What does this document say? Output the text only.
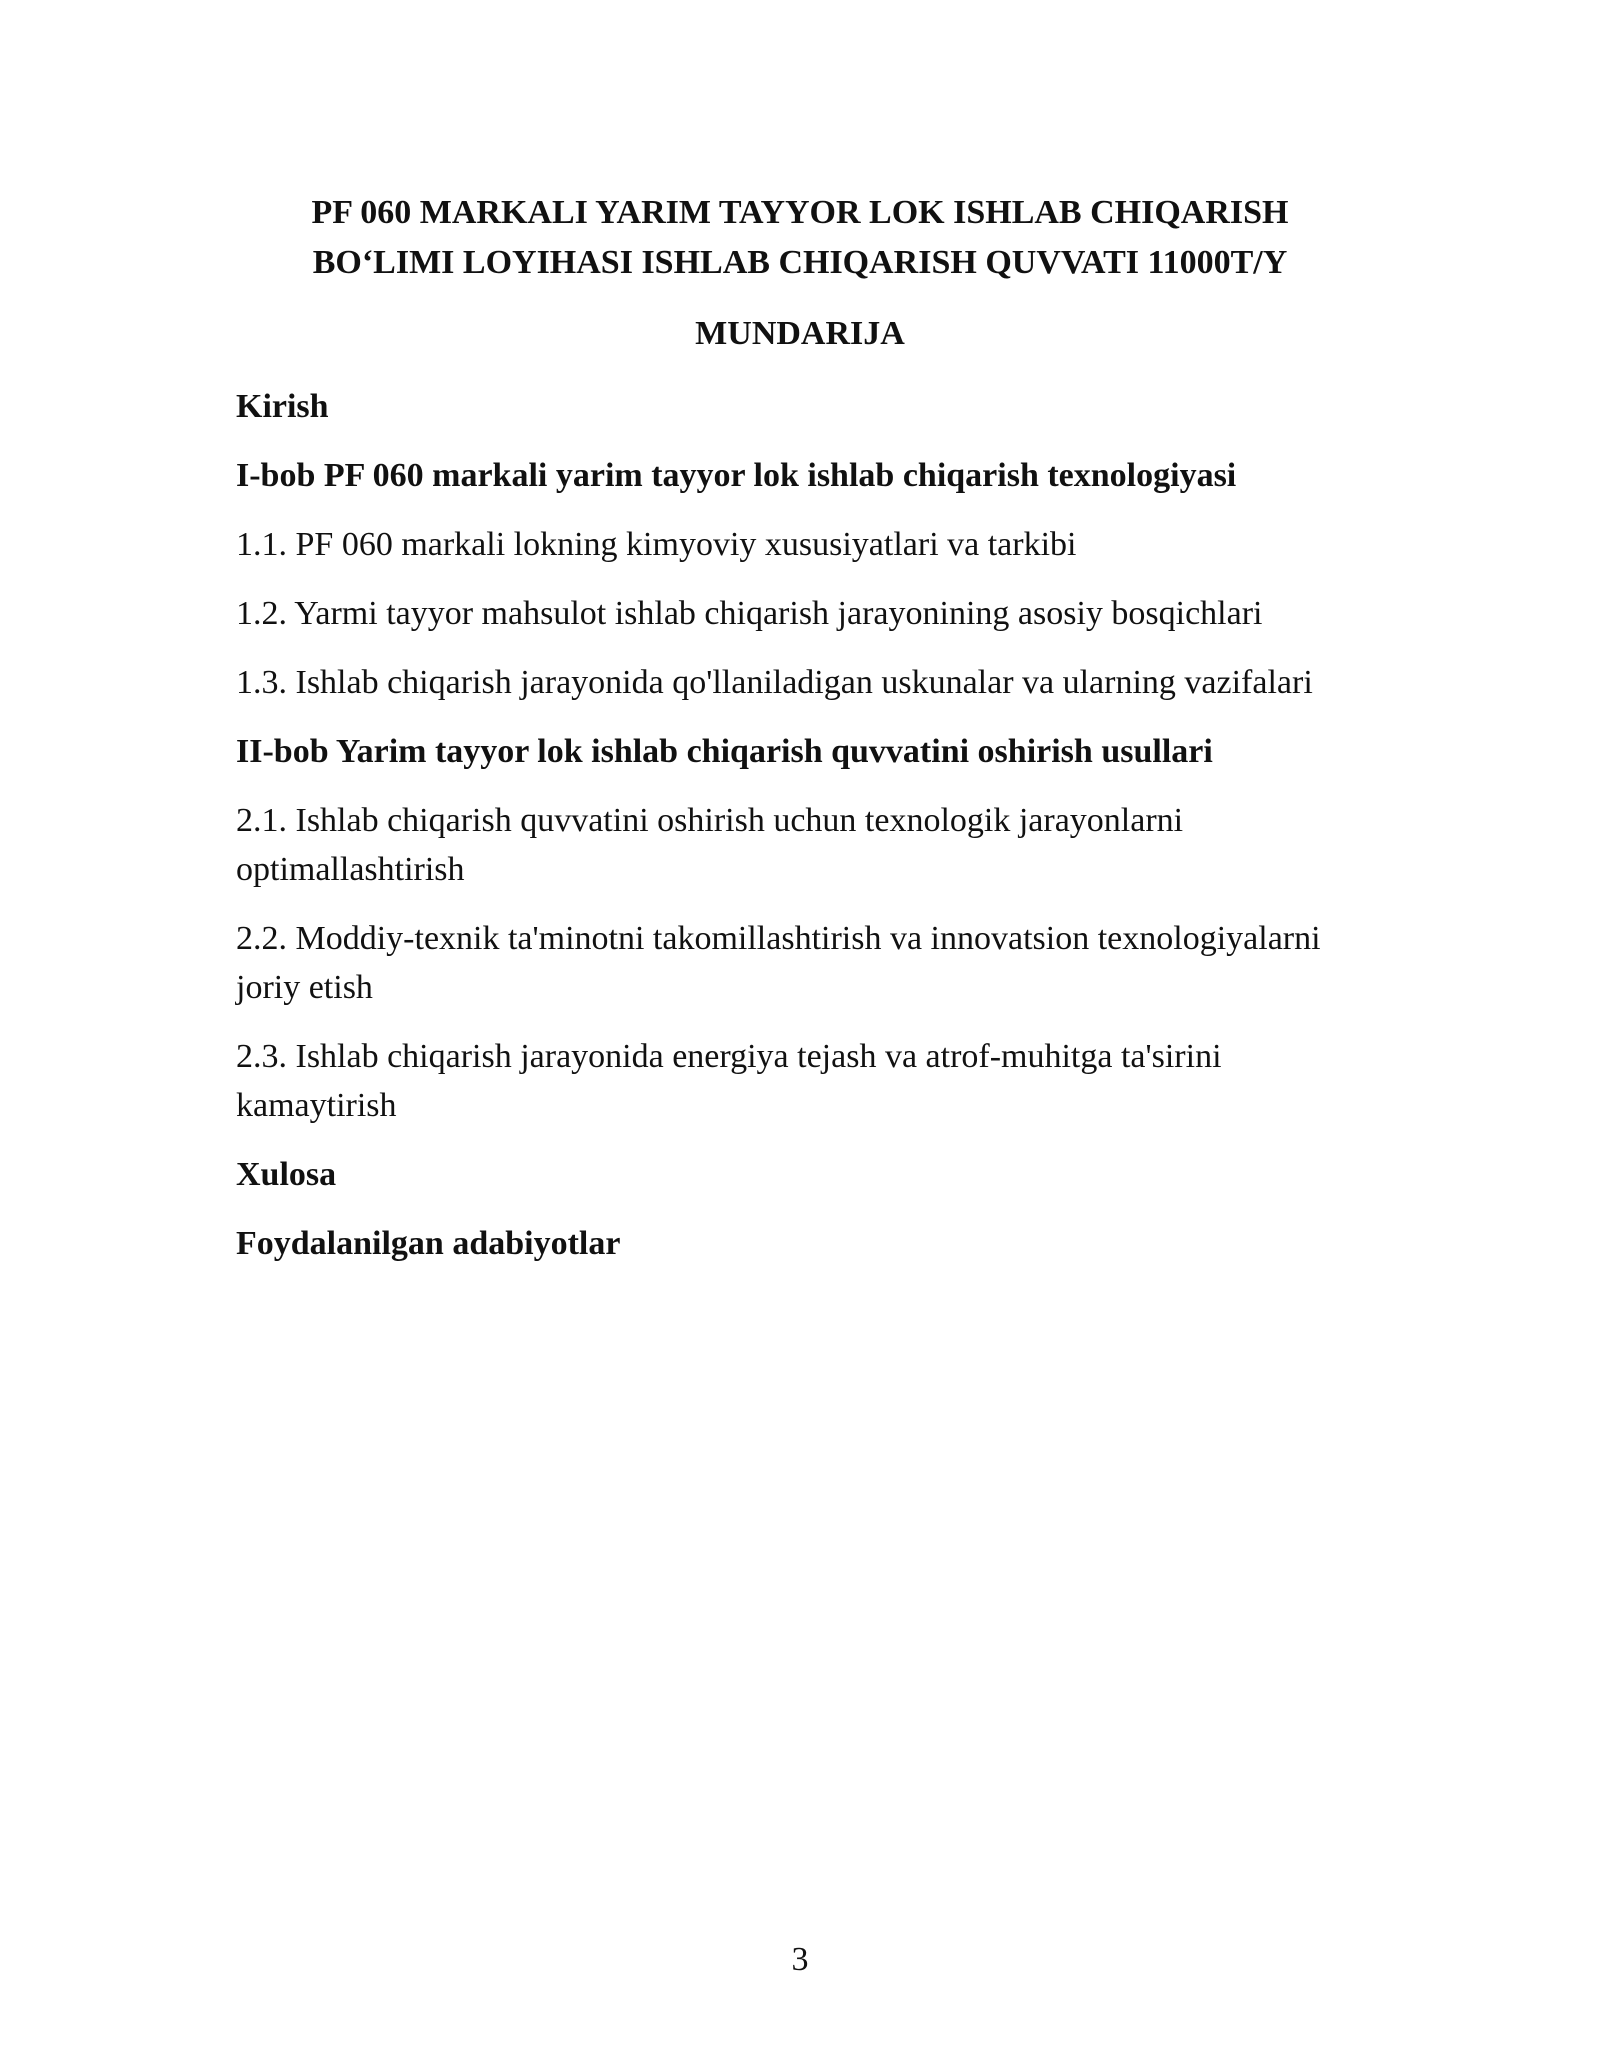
PF 060 MARKALI YARIM TAYYOR LOK ISHLAB CHIQARISH
BO‘LIMI LOYIHASI ISHLAB CHIQARISH QUVVATI 11000T/Y
MUNDARIJA
Kirish
I-bob PF 060 markali yarim tayyor lok ishlab chiqarish texnologiyasi
1.1. PF 060 markali lokning kimyoviy xususiyatlari va tarkibi
1.2. Yarmi tayyor mahsulot ishlab chiqarish jarayonining asosiy bosqichlari
1.3. Ishlab chiqarish jarayonida qo'llaniladigan uskunalar va ularning vazifalari
II-bob Yarim tayyor lok ishlab chiqarish quvvatini oshirish usullari
2.1. Ishlab chiqarish quvvatini oshirish uchun texnologik jarayonlarni optimallashtirish
2.2. Moddiy-texnik ta'minotni takomillashtirish va innovatsion texnologiyalarni joriy etish
2.3. Ishlab chiqarish jarayonida energiya tejash va atrof-muhitga ta'sirini kamaytirish
Xulosa
Foydalanilgan adabiyotlar
3
